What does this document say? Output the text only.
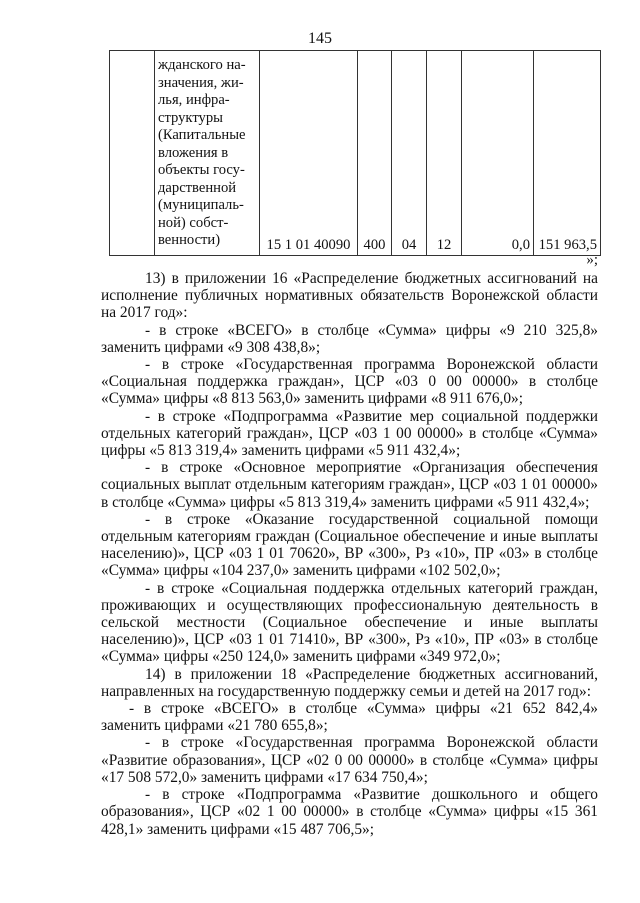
145

жданского на-
значения, жи-
лья, инфра-
структуры
(Капитальные
вложения в
объекты госу-
дарственной
(муниципаль-
ной) собст-
венности)	15 1 01 40090	400	04	12	0,0	151 963,5
»;

13) в приложении 16 «Распределение бюджетных ассигнований на исполнение публичных нормативных обязательств Воронежской области на 2017 год»:

- в строке «ВСЕГО» в столбце «Сумма» цифры «9 210 325,8» заменить цифрами «9 308 438,8»;

- в строке «Государственная программа Воронежской области «Социальная поддержка граждан», ЦСР «03 0 00 00000» в столбце «Сумма» цифры «8 813 563,0» заменить цифрами «8 911 676,0»;

- в строке «Подпрограмма «Развитие мер социальной поддержки отдельных категорий граждан», ЦСР «03 1 00 00000» в столбце «Сумма» цифры «5 813 319,4» заменить цифрами «5 911 432,4»;

- в строке «Основное мероприятие «Организация обеспечения социальных выплат отдельным категориям граждан», ЦСР «03 1 01 00000» в столбце «Сумма» цифры «5 813 319,4» заменить цифрами «5 911 432,4»;

- в строке «Оказание государственной социальной помощи отдельным категориям граждан (Социальное обеспечение и иные выплаты населению)», ЦСР «03 1 01 70620», ВР «300», Рз «10», ПР «03» в столбце «Сумма» цифры «104 237,0» заменить цифрами «102 502,0»;

- в строке «Социальная поддержка отдельных категорий граждан, проживающих и осуществляющих профессиональную деятельность в сельской местности (Социальное обеспечение и иные выплаты населению)», ЦСР «03 1 01 71410», ВР «300», Рз «10», ПР «03» в столбце «Сумма» цифры «250 124,0» заменить цифрами «349 972,0»;

14) в приложении 18 «Распределение бюджетных ассигнований, направленных на государственную поддержку семьи и детей на 2017 год»:

- в строке «ВСЕГО» в столбце «Сумма» цифры «21 652 842,4» заменить цифрами «21 780 655,8»;

- в строке «Государственная программа Воронежской области «Развитие образования», ЦСР «02 0 00 00000» в столбце «Сумма» цифры «17 508 572,0» заменить цифрами «17 634 750,4»;

- в строке «Подпрограмма «Развитие дошкольного и общего образования», ЦСР «02 1 00 00000» в столбце «Сумма» цифры «15 361 428,1» заменить цифрами «15 487 706,5»;
